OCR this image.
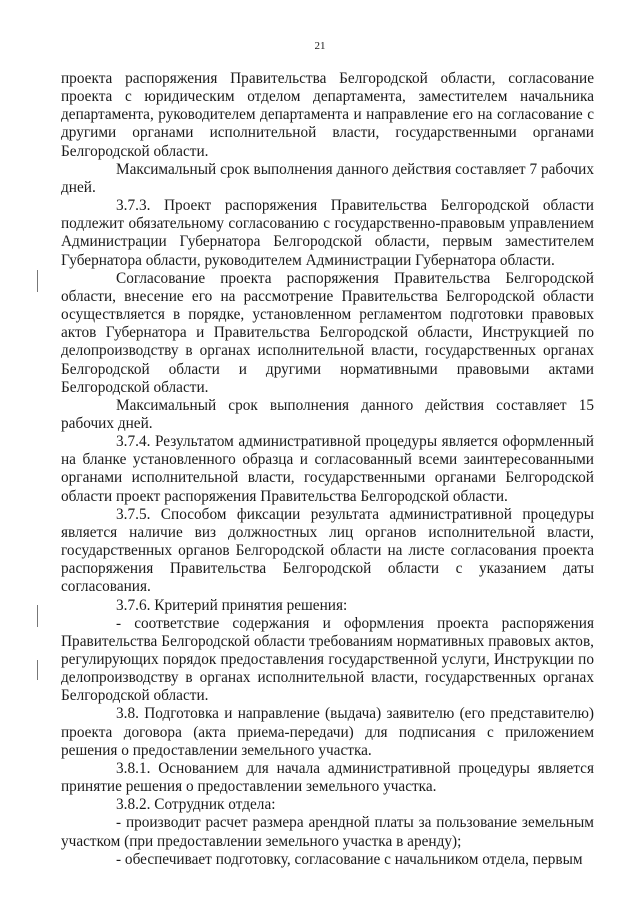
21

проекта распоряжения Правительства Белгородской области, согласование проекта с юридическим отделом департамента, заместителем начальника департамента, руководителем департамента и направление его на согласование с другими органами исполнительной власти, государственными органами Белгородской области.

Максимальный срок выполнения данного действия составляет 7 рабочих дней.

3.7.3. Проект распоряжения Правительства Белгородской области подлежит обязательному согласованию с государственно-правовым управлением Администрации Губернатора Белгородской области, первым заместителем Губернатора области, руководителем Администрации Губернатора области.

Согласование проекта распоряжения Правительства Белгородской области, внесение его на рассмотрение Правительства Белгородской области осуществляется в порядке, установленном регламентом подготовки правовых актов Губернатора и Правительства Белгородской области, Инструкцией по делопроизводству в органах исполнительной власти, государственных органах Белгородской области и другими нормативными правовыми актами Белгородской области.

Максимальный срок выполнения данного действия составляет 15 рабочих дней.

3.7.4. Результатом административной процедуры является оформленный на бланке установленного образца и согласованный всеми заинтересованными органами исполнительной власти, государственными органами Белгородской области проект распоряжения Правительства Белгородской области.

3.7.5. Способом фиксации результата административной процедуры является наличие виз должностных лиц органов исполнительной власти, государственных органов Белгородской области на листе согласования проекта распоряжения Правительства Белгородской области с указанием даты согласования.

3.7.6. Критерий принятия решения:

- соответствие содержания и оформления проекта распоряжения Правительства Белгородской области требованиям нормативных правовых актов, регулирующих порядок предоставления государственной услуги, Инструкции по делопроизводству в органах исполнительной власти, государственных органах Белгородской области.

3.8. Подготовка и направление (выдача) заявителю (его представителю) проекта договора (акта приема-передачи) для подписания с приложением решения о предоставлении земельного участка.

3.8.1. Основанием для начала административной процедуры является принятие решения о предоставлении земельного участка.

3.8.2. Сотрудник отдела:

- производит расчет размера арендной платы за пользование земельным участком (при предоставлении земельного участка в аренду);

- обеспечивает подготовку, согласование с начальником отдела, первым
